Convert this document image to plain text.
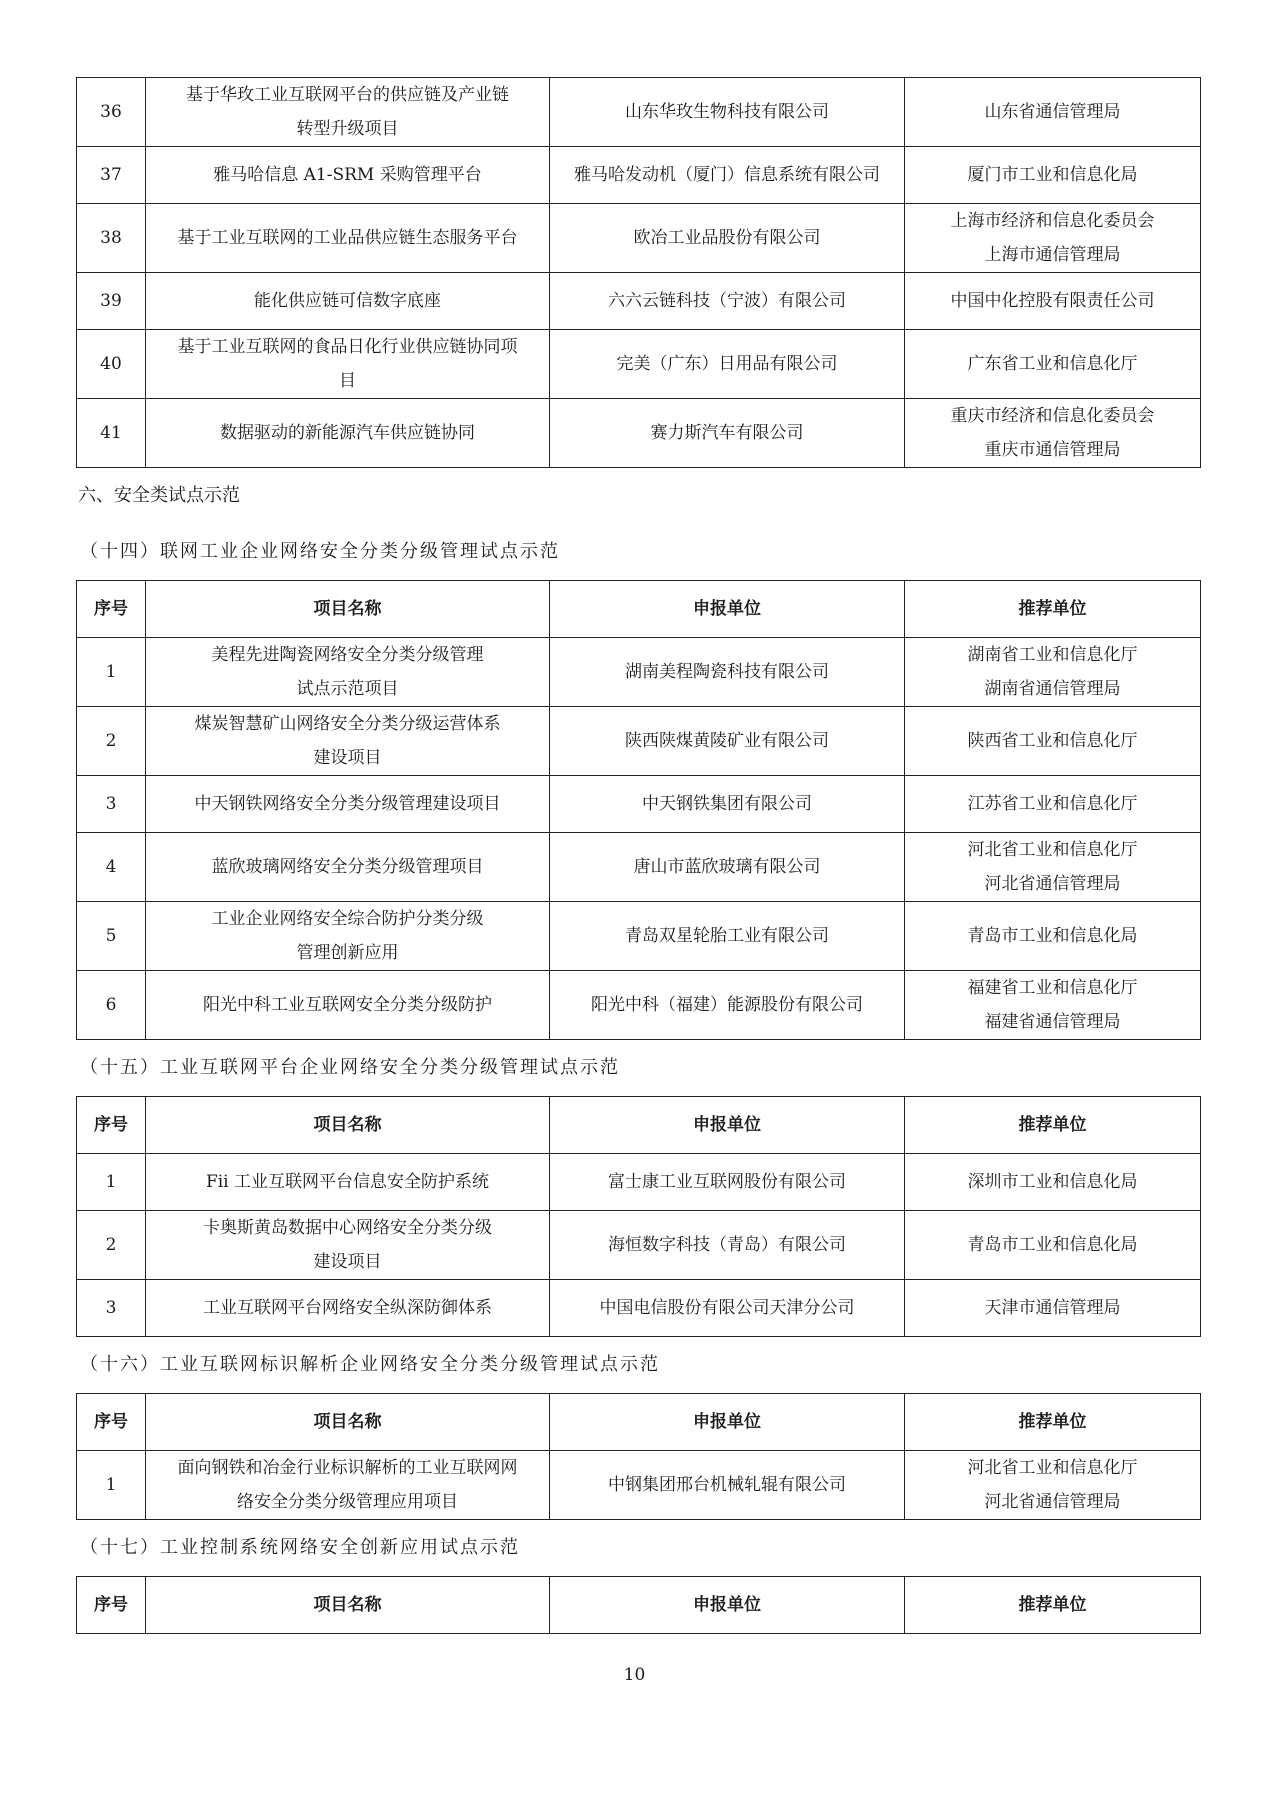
36	基于华玫工业互联网平台的供应链及产业链
转型升级项目	山东华玫生物科技有限公司	山东省通信管理局

37	雅马哈信息 A1-SRM 采购管理平台	雅马哈发动机（厦门）信息系统有限公司	厦门市工业和信息化局

38	基于工业互联网的工业品供应链生态服务平台	欧冶工业品股份有限公司	上海市经济和信息化委员会
上海市通信管理局

39	能化供应链可信数字底座	六六云链科技（宁波）有限公司	中国中化控股有限责任公司

40	基于工业互联网的食品日化行业供应链协同项
目	完美（广东）日用品有限公司	广东省工业和信息化厅

41	数据驱动的新能源汽车供应链协同	赛力斯汽车有限公司	重庆市经济和信息化委员会
重庆市通信管理局
六、安全类试点示范
（十四）联网工业企业网络安全分类分级管理试点示范
序号	项目名称	申报单位	推荐单位
1	美程先进陶瓷网络安全分类分级管理
试点示范项目	湖南美程陶瓷科技有限公司	湖南省工业和信息化厅
湖南省通信管理局

2	煤炭智慧矿山网络安全分类分级运营体系
建设项目	陕西陕煤黄陵矿业有限公司	陕西省工业和信息化厅

3	中天钢铁网络安全分类分级管理建设项目	中天钢铁集团有限公司	江苏省工业和信息化厅

4	蓝欣玻璃网络安全分类分级管理项目	唐山市蓝欣玻璃有限公司	河北省工业和信息化厅
河北省通信管理局

5	工业企业网络安全综合防护分类分级
管理创新应用	青岛双星轮胎工业有限公司	青岛市工业和信息化局

6	阳光中科工业互联网安全分类分级防护	阳光中科（福建）能源股份有限公司	福建省工业和信息化厅
福建省通信管理局
（十五）工业互联网平台企业网络安全分类分级管理试点示范
序号	项目名称	申报单位	推荐单位
1	Fii 工业互联网平台信息安全防护系统	富士康工业互联网股份有限公司	深圳市工业和信息化局

2	卡奥斯黄岛数据中心网络安全分类分级
建设项目	海恒数字科技（青岛）有限公司	青岛市工业和信息化局

3	工业互联网平台网络安全纵深防御体系	中国电信股份有限公司天津分公司	天津市通信管理局
（十六）工业互联网标识解析企业网络安全分类分级管理试点示范
序号	项目名称	申报单位	推荐单位
1	面向钢铁和冶金行业标识解析的工业互联网网
络安全分类分级管理应用项目	中钢集团邢台机械轧辊有限公司	河北省工业和信息化厅
河北省通信管理局
（十七）工业控制系统网络安全创新应用试点示范
序号	项目名称	申报单位	推荐单位
10
